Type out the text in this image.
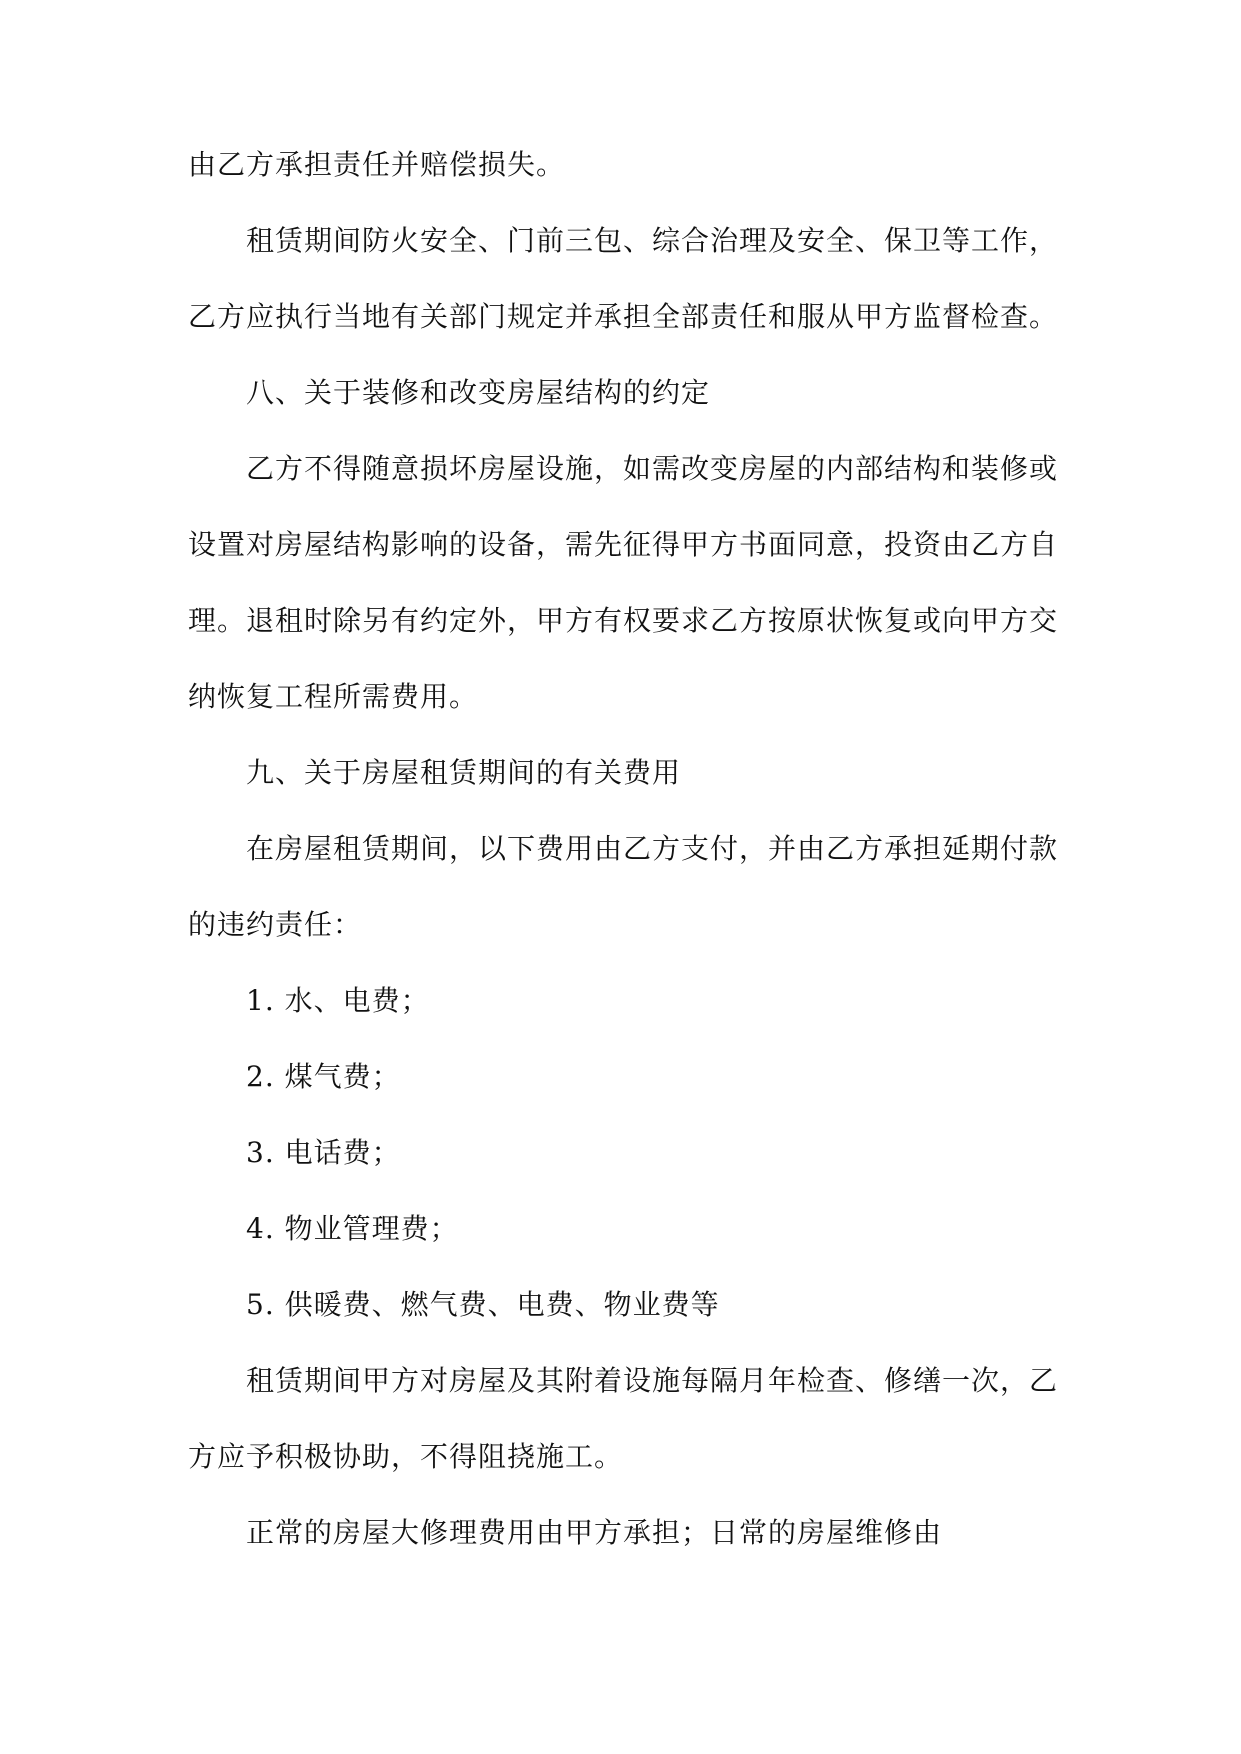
由乙方承担责任并赔偿损失。
租赁期间防火安全、门前三包、综合治理及安全、保卫等工作，
乙方应执行当地有关部门规定并承担全部责任和服从甲方监督检查。
八、关于装修和改变房屋结构的约定
乙方不得随意损坏房屋设施，如需改变房屋的内部结构和装修或
设置对房屋结构影响的设备，需先征得甲方书面同意，投资由乙方自
理。退租时除另有约定外，甲方有权要求乙方按原状恢复或向甲方交
纳恢复工程所需费用。
九、关于房屋租赁期间的有关费用
在房屋租赁期间，以下费用由乙方支付，并由乙方承担延期付款
的违约责任：
1. 水、电费；
2. 煤气费；
3. 电话费；
4. 物业管理费；
5. 供暖费、燃气费、电费、物业费等
租赁期间甲方对房屋及其附着设施每隔月年检查、修缮一次，乙
方应予积极协助，不得阻挠施工。
正常的房屋大修理费用由甲方承担；日常的房屋维修由
